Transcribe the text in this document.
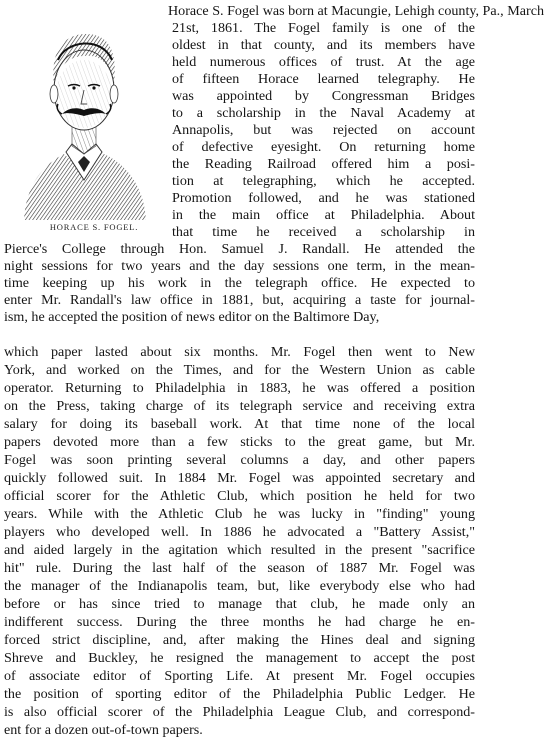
HORACE S. FOGEL.
Horace S. Fogel was born at Macungie, Lehigh county, Pa., March
21st, 1861. The Fogel family is one of the
oldest in that county, and its members have
held numerous offices of trust. At the age
of fifteen Horace learned telegraphy. He
was appointed by Congressman Bridges
to a scholarship in the Naval Academy at
Annapolis, but was rejected on account
of defective eyesight. On returning home
the Reading Railroad offered him a posi-
tion at telegraphing, which he accepted.
Promotion followed, and he was stationed
in the main office at Philadelphia. About
that time he received a scholarship in
Pierce's College through Hon. Samuel J. Randall. He attended the
night sessions for two years and the day sessions one term, in the mean-
time keeping up his work in the telegraph office. He expected to
enter Mr. Randall's law office in 1881, but, acquiring a taste for journal-
ism, he accepted the position of news editor on the Baltimore Day,
which paper lasted about six months. Mr. Fogel then went to New
York, and worked on the Times, and for the Western Union as cable
operator. Returning to Philadelphia in 1883, he was offered a position
on the Press, taking charge of its telegraph service and receiving extra
salary for doing its baseball work. At that time none of the local
papers devoted more than a few sticks to the great game, but Mr.
Fogel was soon printing several columns a day, and other papers
quickly followed suit. In 1884 Mr. Fogel was appointed secretary and
official scorer for the Athletic Club, which position he held for two
years. While with the Athletic Club he was lucky in "finding" young
players who developed well. In 1886 he advocated a "Battery Assist,"
and aided largely in the agitation which resulted in the present "sacrifice
hit" rule. During the last half of the season of 1887 Mr. Fogel was
the manager of the Indianapolis team, but, like everybody else who had
before or has since tried to manage that club, he made only an
indifferent success. During the three months he had charge he en-
forced strict discipline, and, after making the Hines deal and signing
Shreve and Buckley, he resigned the management to accept the post
of associate editor of Sporting Life. At present Mr. Fogel occupies
the position of sporting editor of the Philadelphia Public Ledger. He
is also official scorer of the Philadelphia League Club, and correspond-
ent for a dozen out-of-town papers.
